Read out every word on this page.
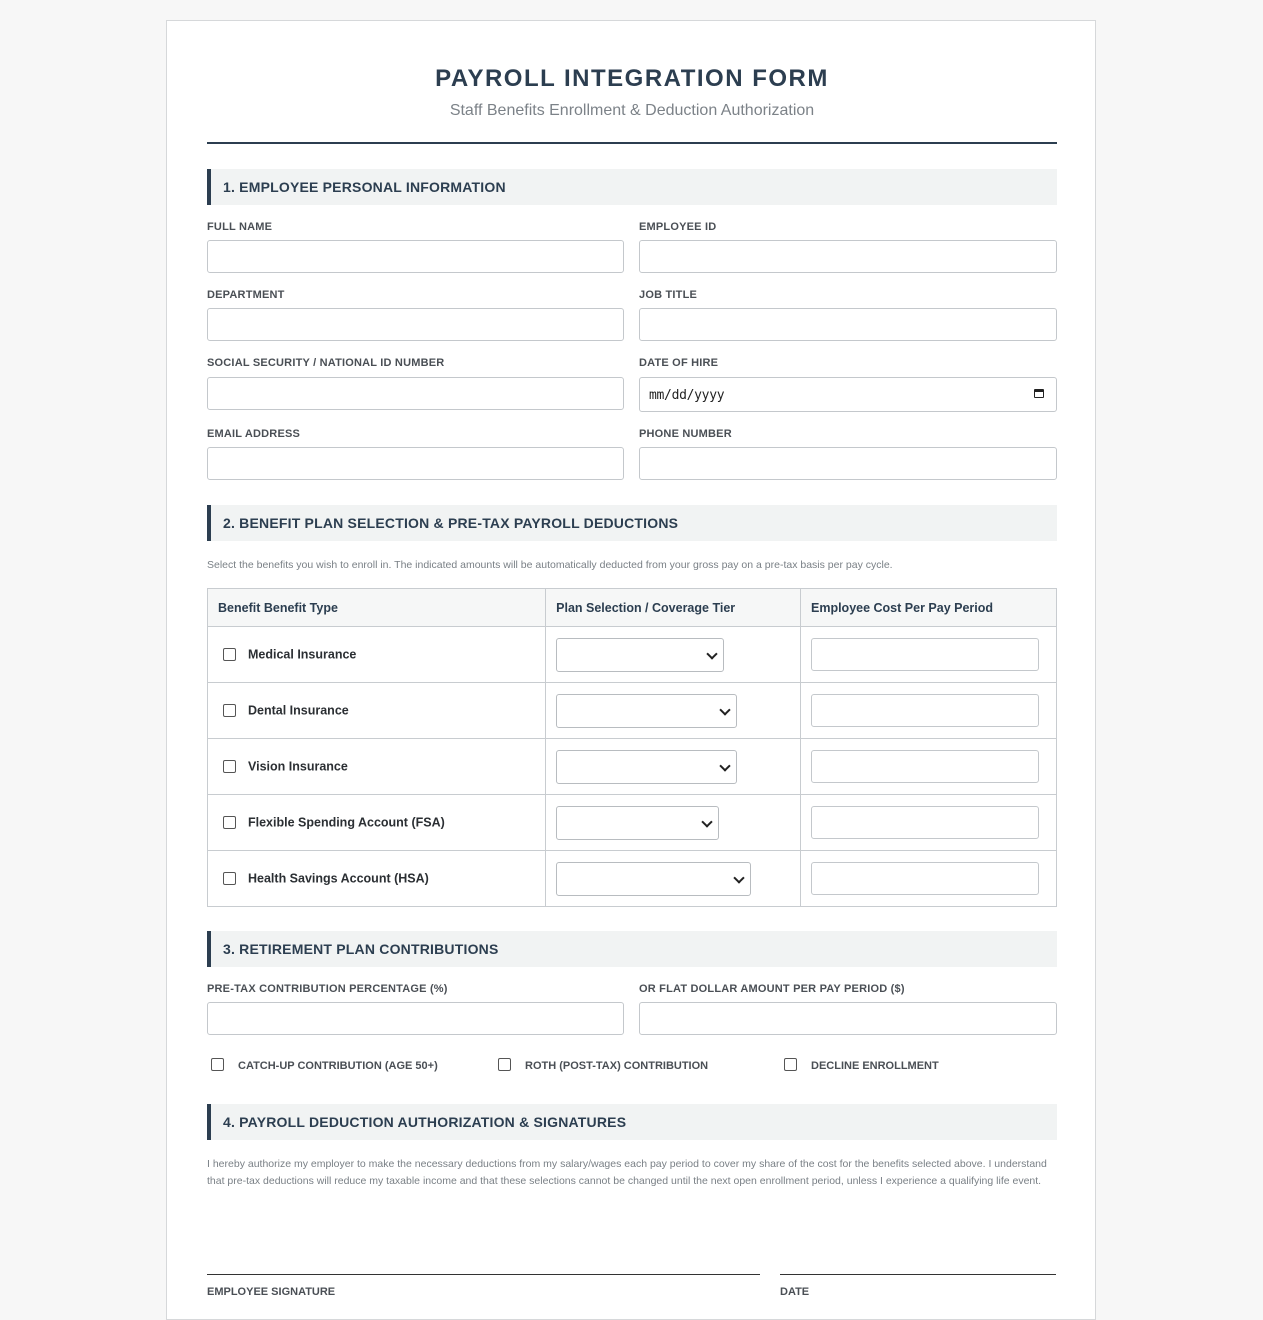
PAYROLL INTEGRATION FORM
Staff Benefits Enrollment & Deduction Authorization
1. EMPLOYEE PERSONAL INFORMATION
FULL NAME	EMPLOYEE ID
DEPARTMENT	JOB TITLE
SOCIAL SECURITY / NATIONAL ID NUMBER	DATE OF HIRE
mm/dd/yyyy
EMAIL ADDRESS	PHONE NUMBER
2. BENEFIT PLAN SELECTION & PRE-TAX PAYROLL DEDUCTIONS
Select the benefits you wish to enroll in. The indicated amounts will be automatically deducted from your gross pay on a pre-tax basis per pay cycle.
Benefit Benefit Type	Plan Selection / Coverage Tier	Employee Cost Per Pay Period
Medical Insurance	

Dental Insurance	

Vision Insurance	

Flexible Spending Account (FSA)	

Health Savings Account (HSA)	

3. RETIREMENT PLAN CONTRIBUTIONS
PRE-TAX CONTRIBUTION PERCENTAGE (%)	OR FLAT DOLLAR AMOUNT PER PAY PERIOD ($)
CATCH-UP CONTRIBUTION (AGE 50+)	ROTH (POST-TAX) CONTRIBUTION	DECLINE ENROLLMENT
4. PAYROLL DEDUCTION AUTHORIZATION & SIGNATURES
I hereby authorize my employer to make the necessary deductions from my salary/wages each pay period to cover my share of the cost for the benefits selected above. I understand that pre-tax deductions will reduce my taxable income and that these selections cannot be changed until the next open enrollment period, unless I experience a qualifying life event.
EMPLOYEE SIGNATURE	DATE
